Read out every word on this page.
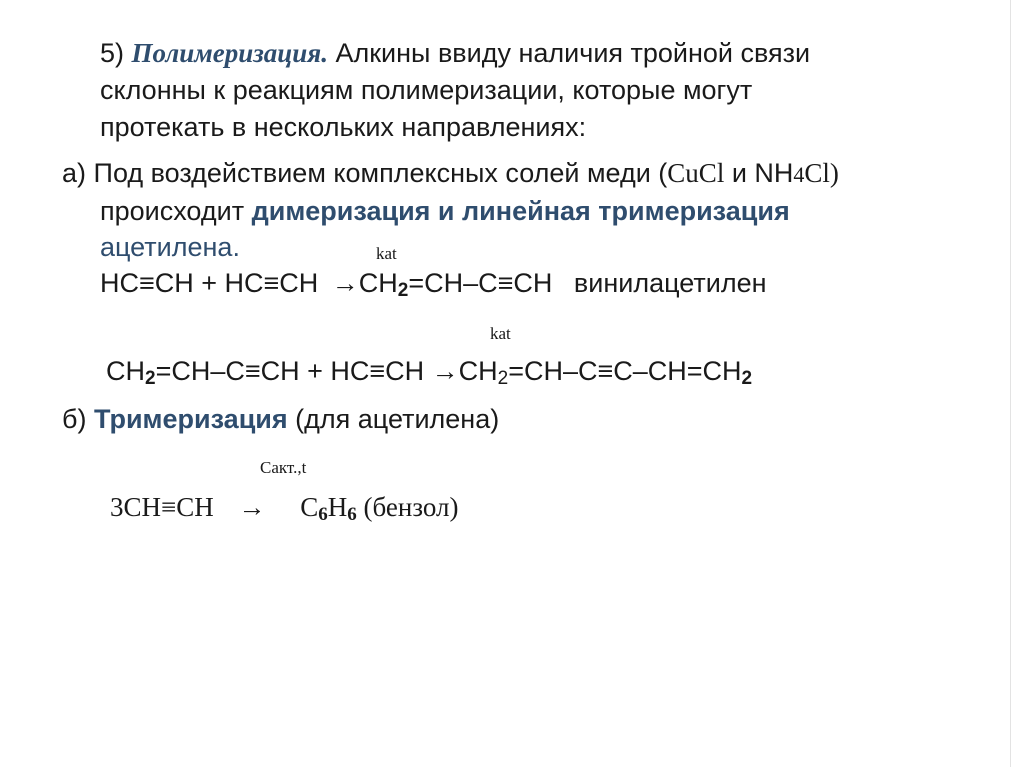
5) Полимеризация. Алкины ввиду наличия тройной связи
склонны к реакциям полимеризации, которые могут
протекать в нескольких направлениях:
а) Под воздействием комплексных солей меди (CuCl и NH4Cl)
происходит димеризация и линейная тримеризация
ацетилена.	kat
$HC\equiv CH + HC\equiv CH \to CH_2=CH-C\equiv CH$ винилацетилен
kat
$CH_2=CH-C\equiv CH + HC\equiv CH \to CH_2=CH-C\equiv C-CH=CH_2$
б) Тримеризация (для ацетилена)
Сакт.,t
$3CH\equiv CH \to C_6H_6$ (бензол)
